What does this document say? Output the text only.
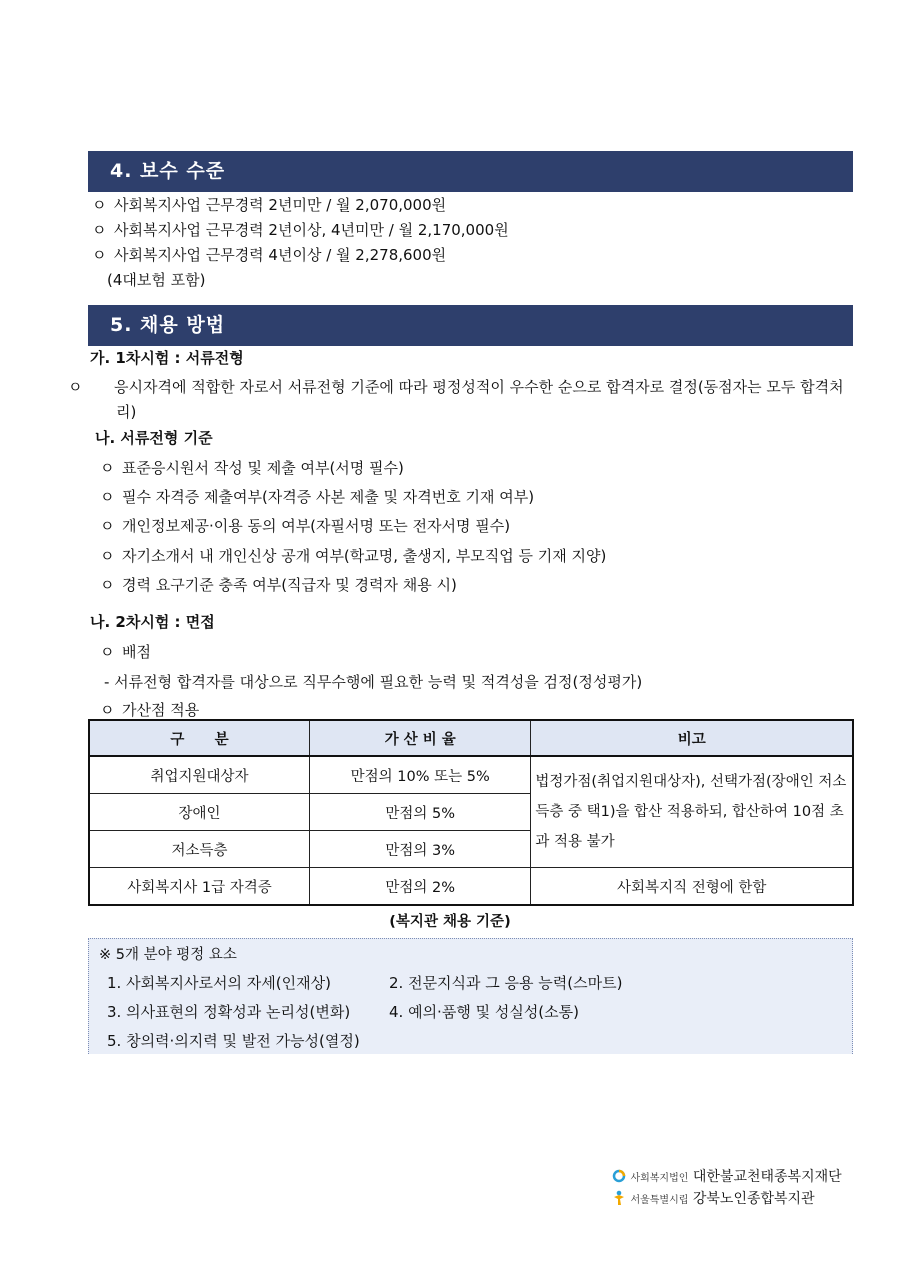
4. 보수 수준
ㅇ 사회복지사업 근무경력 2년미만 / 월 2,070,000원
ㅇ 사회복지사업 근무경력 2년이상, 4년미만 / 월 2,170,000원
ㅇ 사회복지사업 근무경력 4년이상 / 월 2,278,600원
(4대보험 포함)
5. 채용 방법
가. 1차시험 : 서류전형
ㅇ 응시자격에 적합한 자로서 서류전형 기준에 따라 평정성적이 우수한 순으로 합격자로 결정(동점자는 모두 합격처리)
나. 서류전형 기준
ㅇ 표준응시원서 작성 및 제출 여부(서명 필수)
ㅇ 필수 자격증 제출여부(자격증 사본 제출 및 자격번호 기재 여부)
ㅇ 개인정보제공·이용 동의 여부(자필서명 또는 전자서명 필수)
ㅇ 자기소개서 내 개인신상 공개 여부(학교명, 출생지, 부모직업 등 기재 지양)
ㅇ 경력 요구기준 충족 여부(직급자 및 경력자 채용 시)
나. 2차시험 : 면접
ㅇ 배점
- 서류전형 합격자를 대상으로 직무수행에 필요한 능력 및 적격성을 검정(정성평가)
ㅇ 가산점 적용
구      분	가 산 비 율	비고
취업지원대상자	만점의 10% 또는 5%	법정가점(취업지원대상자), 선택가점(장애인 저소득층 중 택1)을 합산 적용하되, 합산하여 10점 초과 적용 불가
장애인	만점의 5%	
저소득층	만점의 3%	
사회복지사 1급 자격증	만점의 2%	사회복지직 전형에 한함
(복지관 채용 기준)
※ 5개 분야 평정 요소
1. 사회복지사로서의 자세(인재상)	2. 전문지식과 그 응용 능력(스마트)
3. 의사표현의 정확성과 논리성(변화)	4. 예의·품행 및 성실성(소통)
5. 창의력·의지력 및 발전 가능성(열정)
사회복지법인 대한불교천태종복지재단
서울특별시립 강북노인종합복지관
